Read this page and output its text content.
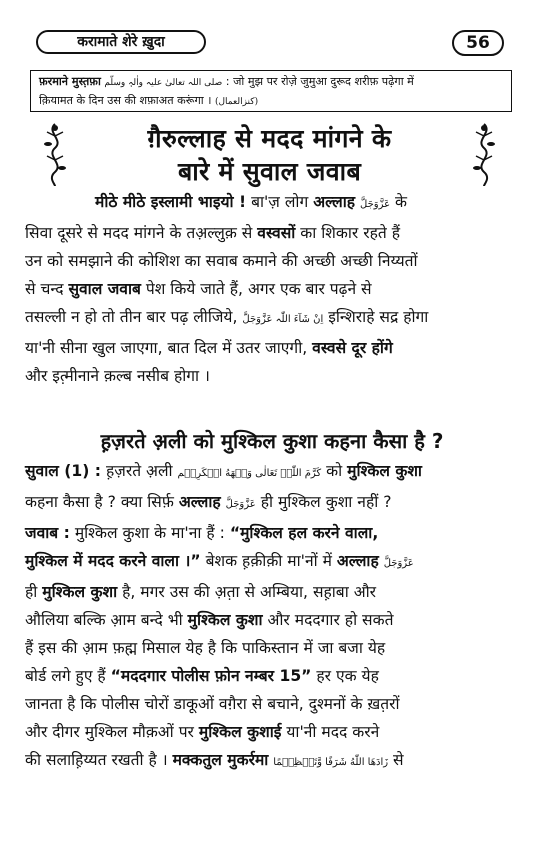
करामाते शेरे ख़ुदा	56
फ़रमाने मुस्त़फ़ा صلی اللہ تعالیٰ علیہ واٰلہٖ وسلّم : जो मुझ पर रोज़े जुमुआ दुरूद शरीफ़ पढ़ेगा में
क़ियामत के दिन उस की शफ़ाअत करूंगा । (کنزالعمال)
ग़ैरुल्लाह से मदद मांगने के
बारे में सुवाल जवाब
मीठे मीठे इस्लामी भाइयो ! बा'ज़ लोग अल्लाह عَزَّوَجَلَّ के
सिवा दूसरे से मदद मांगने के तअ़ल्लुक़ से वस्वसों का शिकार रहते हैं
उन को समझाने की कोशिश का सवाब कमाने की अच्छी अच्छी निय्यतों
से चन्द सुवाल जवाब पेश किये जाते हैं, अगर एक बार पढ़ने से
तसल्ली न हो तो तीन बार पढ़ लीजिये, اِنْ شَآءَ اللّٰہ عَزَّوَجَلَّ इन्शिराहे सद्र होगा
या'नी सीना खुल जाएगा, बात दिल में उतर जाएगी, वस्वसे दूर होंगे
और इत़्मीनाने क़ल्ब नसीब होगा ।
ह़ज़रते अ़ली को मुश्किल कुशा कहना कैसा है ?
सुवाल (1) : ह़ज़रते अ़ली کَرَّمَ اللّٰہُ تَعَالٰی وَجۡهَهُ الۡکَرِیۡم को मुश्किल कुशा
कहना कैसा है ? क्या सिर्फ़ अल्लाह عَزَّوَجَلَّ ही मुश्किल कुशा नहीं ?
जवाब : मुश्किल कुशा के मा'ना हैं : “मुश्किल हल करने वाला,
मुश्किल में मदद करने वाला ।” बेशक ह़क़ीक़ी मा'नों में अल्लाह عَزَّوَجَلَّ
ही मुश्किल कुशा है, मगर उस की अ़त़ा से अम्बिया, सह़ाबा और
औलिया बल्कि आ़म बन्दे भी मुश्किल कुशा और मददगार हो सकते
हैं इस की आ़म फ़ह्म मिसाल येह है कि पाकिस्तान में जा बजा येह
बोर्ड लगे हुए हैं “मददगार पोलीस फ़ोन नम्बर 15” हर एक येह
जानता है कि पोलीस चोरों डाकूओं वग़ैरा से बचाने, दुश्मनों के ख़त़रों
और दीगर मुश्किल मौक़ओं पर मुश्किल कुशाई या'नी मदद करने
की सलाह़िय्यत रखती है । मक्कतुल मुकर्रमा زَادَهَا اللّٰهُ شَرَفًا وَّتَعۡظِیۡمًا से
